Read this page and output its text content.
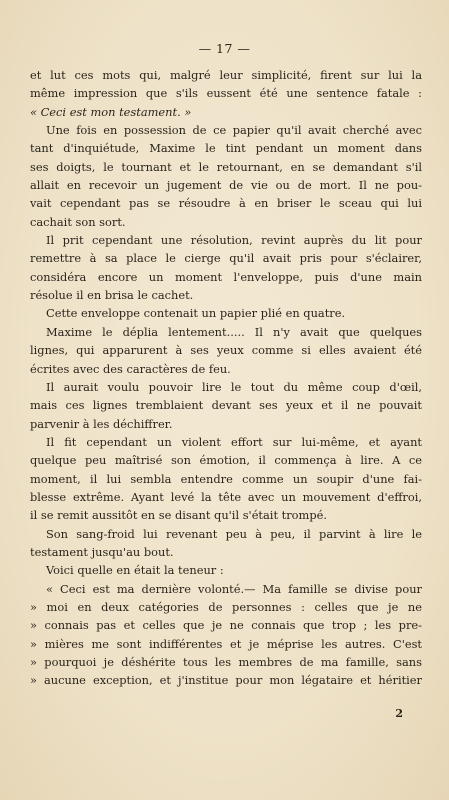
— 17 —
et lut ces mots qui, malgré leur simplicité, firent sur lui la
même impression que s'ils eussent été une sentence fatale :
« Ceci est mon testament. »
Une fois en possession de ce papier qu'il avait cherché avec
tant d'inquiétude, Maxime le tint pendant un moment dans
ses doigts, le tournant et le retournant, en se demandant s'il
allait en recevoir un jugement de vie ou de mort. Il ne pou-
vait cependant pas se résoudre à en briser le sceau qui lui
cachait son sort.
Il prit cependant une résolution, revint auprès du lit pour
remettre à sa place le cierge qu'il avait pris pour s'éclairer,
considéra encore un moment l'enveloppe, puis d'une main
résolue il en brisa le cachet.
Cette enveloppe contenait un papier plié en quatre.
Maxime le déplia lentement..... Il n'y avait que quelques
lignes, qui apparurent à ses yeux comme si elles avaient été
écrites avec des caractères de feu.
Il aurait voulu pouvoir lire le tout du même coup d'œil,
mais ces lignes tremblaient devant ses yeux et il ne pouvait
parvenir à les déchiffrer.
Il fit cependant un violent effort sur lui-même, et ayant
quelque peu maîtrisé son émotion, il commença à lire. A ce
moment, il lui sembla entendre comme un soupir d'une fai-
blesse extrême. Ayant levé la tête avec un mouvement d'effroi,
il se remit aussitôt en se disant qu'il s'était trompé.
Son sang-froid lui revenant peu à peu, il parvint à lire le
testament jusqu'au bout.
Voici quelle en était la teneur :
« Ceci est ma dernière volonté.— Ma famille se divise pour
» moi en deux catégories de personnes : celles que je ne
» connais pas et celles que je ne connais que trop ; les pre-
» mières me sont indifférentes et je méprise les autres. C'est
» pourquoi je déshérite tous les membres de ma famille, sans
» aucune exception, et j'institue pour mon légataire et héritier
2
